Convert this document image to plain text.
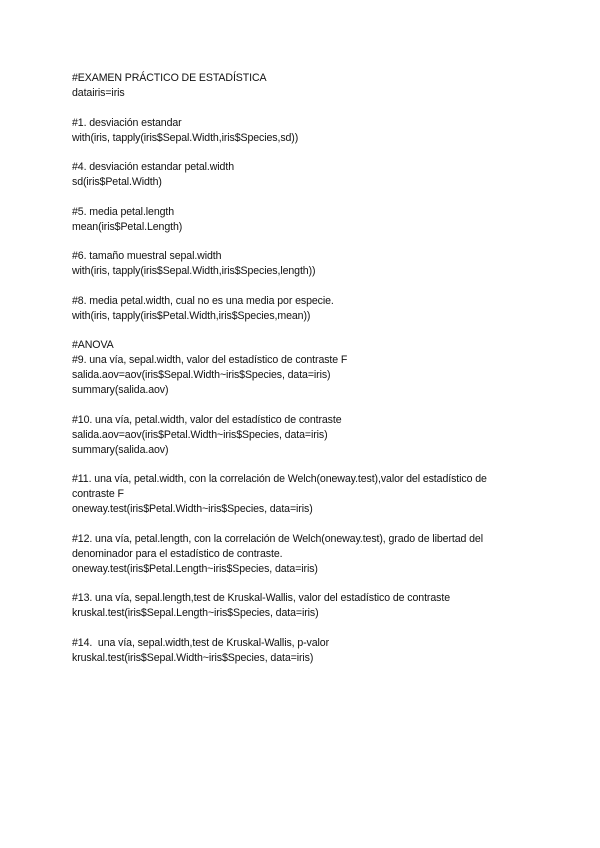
#EXAMEN PRÁCTICO DE ESTADÍSTICA
datairis=iris
#1. desviación estandar
with(iris, tapply(iris$Sepal.Width,iris$Species,sd))
#4. desviación estandar petal.width
sd(iris$Petal.Width)
#5. media petal.length
mean(iris$Petal.Length)
#6. tamaño muestral sepal.width
with(iris, tapply(iris$Sepal.Width,iris$Species,length))
#8. media petal.width, cual no es una media por especie.
with(iris, tapply(iris$Petal.Width,iris$Species,mean))
#ANOVA
#9. una vía, sepal.width, valor del estadístico de contraste F
salida.aov=aov(iris$Sepal.Width~iris$Species, data=iris)
summary(salida.aov)
#10. una vía, petal.width, valor del estadístico de contraste
salida.aov=aov(iris$Petal.Width~iris$Species, data=iris)
summary(salida.aov)
#11. una vía, petal.width, con la correlación de Welch(oneway.test),valor del estadístico de
contraste F
oneway.test(iris$Petal.Width~iris$Species, data=iris)
#12. una vía, petal.length, con la correlación de Welch(oneway.test), grado de libertad del
denominador para el estadístico de contraste.
oneway.test(iris$Petal.Length~iris$Species, data=iris)
#13. una vía, sepal.length,test de Kruskal-Wallis, valor del estadístico de contraste
kruskal.test(iris$Sepal.Length~iris$Species, data=iris)
#14.  una vía, sepal.width,test de Kruskal-Wallis, p-valor
kruskal.test(iris$Sepal.Width~iris$Species, data=iris)
